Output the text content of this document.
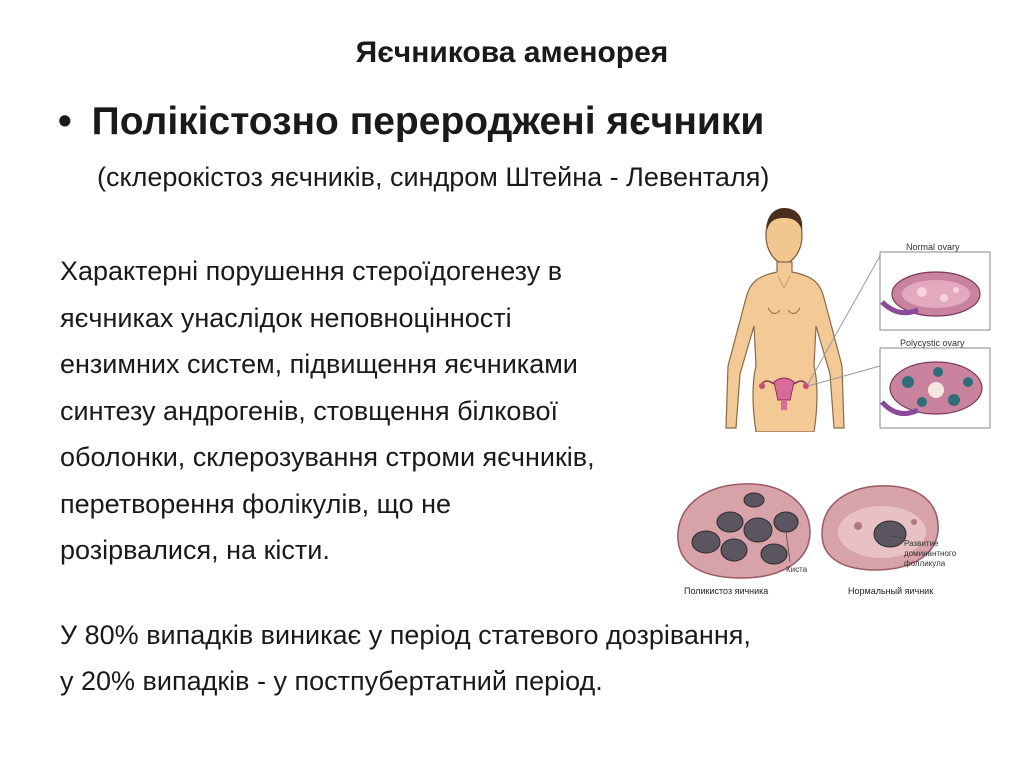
Яєчникова аменорея
• Полікістозно переродженi яєчники
(склерокістоз яєчників, синдром Штейна - Левенталя)
Характерні порушення стероїдогенезу в
яєчниках унаслідок неповноцінності
ензимних систем, підвищення яєчниками
синтезу андрогенів, стовщення білкової
оболонки, склерозування строми яєчників,
перетворення фолікулів, що не
розірвалися, на кісти.
У 80% випадків виникає у період статевого дозрівання,
у 20% випадків - у постпубертатний період.
Normal ovary
Polycystic ovary
Киста
Развитие
доминантного
фолликула
Поликистоз яичника	Нормальный яичник
